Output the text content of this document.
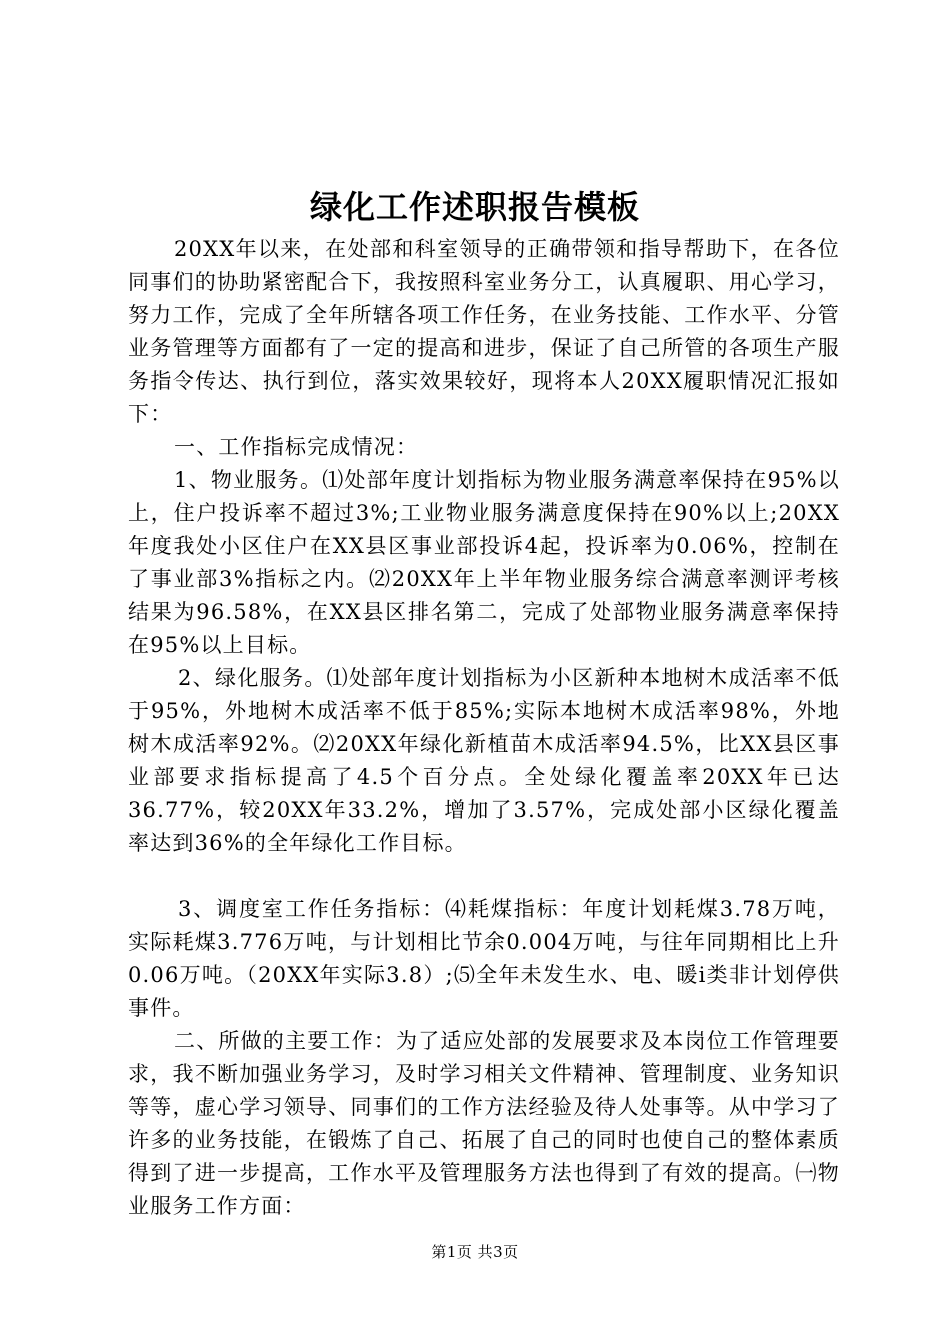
绿化工作述职报告模板

20XX年以来，在处部和科室领导的正确带领和指导帮助下，在各位同事们的协助紧密配合下，我按照科室业务分工，认真履职、用心学习，努力工作，完成了全年所辖各项工作任务，在业务技能、工作水平、分管业务管理等方面都有了一定的提高和进步，保证了自己所管的各项生产服务指令传达、执行到位，落实效果较好，现将本人20XX履职情况汇报如下：

一、工作指标完成情况：

1、物业服务。⑴处部年度计划指标为物业服务满意率保持在95%以上，住户投诉率不超过3%;工业物业服务满意度保持在90%以上;20XX年度我处小区住户在XX县区事业部投诉4起，投诉率为0.06%，控制在了事业部3%指标之内。⑵20XX年上半年物业服务综合满意率测评考核结果为96.58%，在XX县区排名第二，完成了处部物业服务满意率保持在95%以上目标。

2、绿化服务。⑴处部年度计划指标为小区新种本地树木成活率不低于95%，外地树木成活率不低于85%;实际本地树木成活率98%，外地树木成活率92%。⑵20XX年绿化新植苗木成活率94.5%，比XX县区事业部要求指标提高了4.5个百分点。全处绿化覆盖率20XX年已达36.77%，较20XX年33.2%，增加了3.57%，完成处部小区绿化覆盖率达到36%的全年绿化工作目标。

3、调度室工作任务指标：⑷耗煤指标：年度计划耗煤3.78万吨，实际耗煤3.776万吨，与计划相比节余0.004万吨，与往年同期相比上升0.06万吨。（20XX年实际3.8）;⑸全年未发生水、电、暖i类非计划停供事件。

二、所做的主要工作：为了适应处部的发展要求及本岗位工作管理要求，我不断加强业务学习，及时学习相关文件精神、管理制度、业务知识等等，虚心学习领导、同事们的工作方法经验及待人处事等。从中学习了许多的业务技能，在锻炼了自己、拓展了自己的同时也使自己的整体素质得到了进一步提高，工作水平及管理服务方法也得到了有效的提高。㈠物业服务工作方面：

第1页 共3页
